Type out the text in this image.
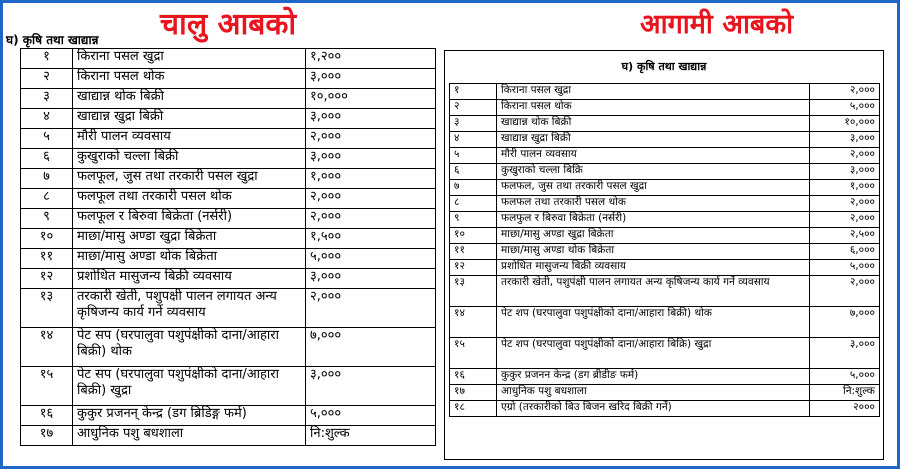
चालु आबको	आगामी आबको
घ) कृषि तथा खाद्यान्न
१	किराना पसल खुद्रा	१,२००
२	किराना पसल थोक	३,०००
३	खाद्यान्न थोक बिक्री	१०,०००
४	खाद्यान्न खुद्रा बिक्री	३,०००
५	मौरी पालन व्यवसाय	२,०००
६	कुखुराको चल्ला बिक्री	३,०००
७	फलफूल, जुस तथा तरकारी पसल खुद्रा	१,०००
८	फलफूल तथा तरकारी पसल थोक	२,०००
९	फलफूल र बिरुवा बिक्रेता (नर्सरी)	२,०००
१०	माछा/मासु अण्डा खुद्रा बिक्रेता	१,५००
११	माछा/मासु अण्डा थोक बिक्रेता	५,०००
१२	प्रशोधित मासुजन्य बिक्री व्यवसाय	३,०००
१३	तरकारी खेती, पशुपक्षी पालन लगायत अन्य कृषिजन्य कार्य गर्ने व्यवसाय	२,०००
१४	पेट सप (घरपालुवा पशुपंक्षीको दाना/आहारा बिक्री) थोक	७,०००
१५	पेट सप (घरपालुवा पशुपंक्षीको दाना/आहारा बिक्री) खुद्रा	३,०००
१६	कुकुर प्रजनन् केन्द्र (डग ब्रिडिङ्ग फर्म)	५,०००
१७	आधुनिक पशु बधशाला	नि:शुल्क
घ) कृषि तथा खाद्यान्न
१	किराना पसल खुद्रा	२,०००
२	किराना पसल थोक	५,०००
३	खाद्यान्न थोक बिक्री	१०,०००
४	खाद्यान्न खुद्रा बिक्री	३,०००
५	मौरी पालन व्यवसाय	२,०००
६	कुखुराको चल्ला बिक्रि	३,०००
७	फलफल, जुस तथा तरकारी पसल खुद्रा	१,०००
८	फलफल तथा तरकारी पसल थोक	२,०००
९	फलफुल र बिरुवा बिक्रेता (नर्सरी)	२,०००
१०	माछा/मासु अण्डा खुद्रा बिक्रेता	२,५००
११	माछा/मासु अण्डा थोक बिक्रेता	६,०००
१२	प्रशोधित मासुजन्य बिक्री व्यवसाय	५,०००
१३	तरकारी खेती, पशुपंक्षी पालन लगायत अन्य कृषिजन्य कार्य गर्ने व्यवसाय	२,०००
१४	पेट शप (घरपालुवा पशुपंक्षीको दाना/आहारा बिक्री) थोक	७,०००
१५	पेट शप (घरपालुवा पशुपंक्षीको दाना/आहारा बिक्रि) खुद्रा	३,०००
१६	कुकुर प्रजनन केन्द्र (डग ब्रीडीङ फर्म)	५,०००
१७	आधुनिक पशु बधशाला	नि:शुल्क
१८	एग्रो (तरकारीको बिउ बिजन खरिद बिक्री गर्ने)	२०००
